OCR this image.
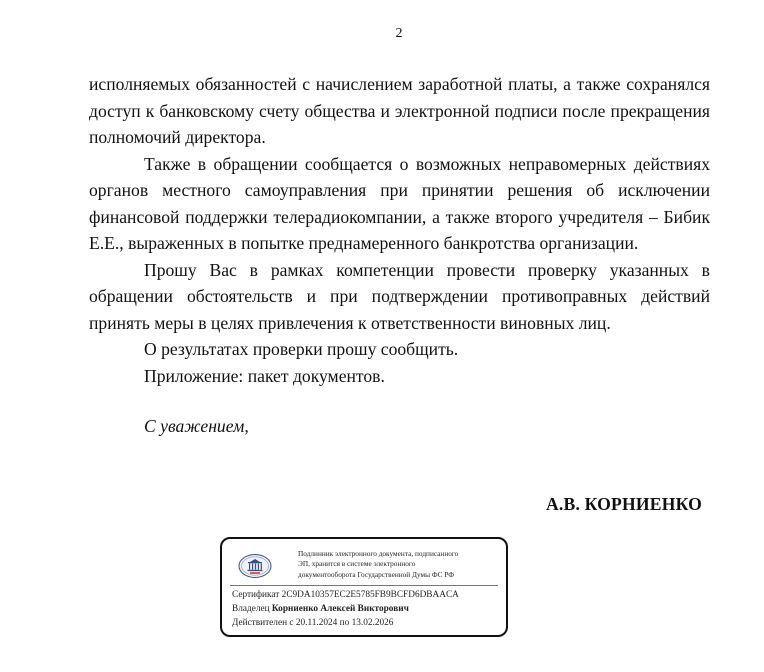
2

исполняемых обязанностей с начислением заработной платы, а также сохранялся доступ к банковскому счету общества и электронной подписи после прекращения полномочий директора.

Также в обращении сообщается о возможных неправомерных действиях органов местного самоуправления при принятии решения об исключении финансовой поддержки телерадиокомпании, а также второго учредителя – Бибик Е.Е., выраженных в попытке преднамеренного банкротства организации.

Прошу Вас в рамках компетенции провести проверку указанных в обращении обстоятельств и при подтверждении противоправных действий принять меры в целях привлечения к ответственности виновных лиц.

О результатах проверки прошу сообщить.

Приложение: пакет документов.

С уважением,
А.В. КОРНИЕНКО
Подлинник электронного документа, подписанного
ЭП, хранится в системе электронного
документооборота Государственной Думы ФС РФ
Сертификат 2C9DA10357EC2E5785FB9BCFD6DBAACA
Владелец Корниенко Алексей Викторович
Действителен с 20.11.2024 по 13.02.2026
